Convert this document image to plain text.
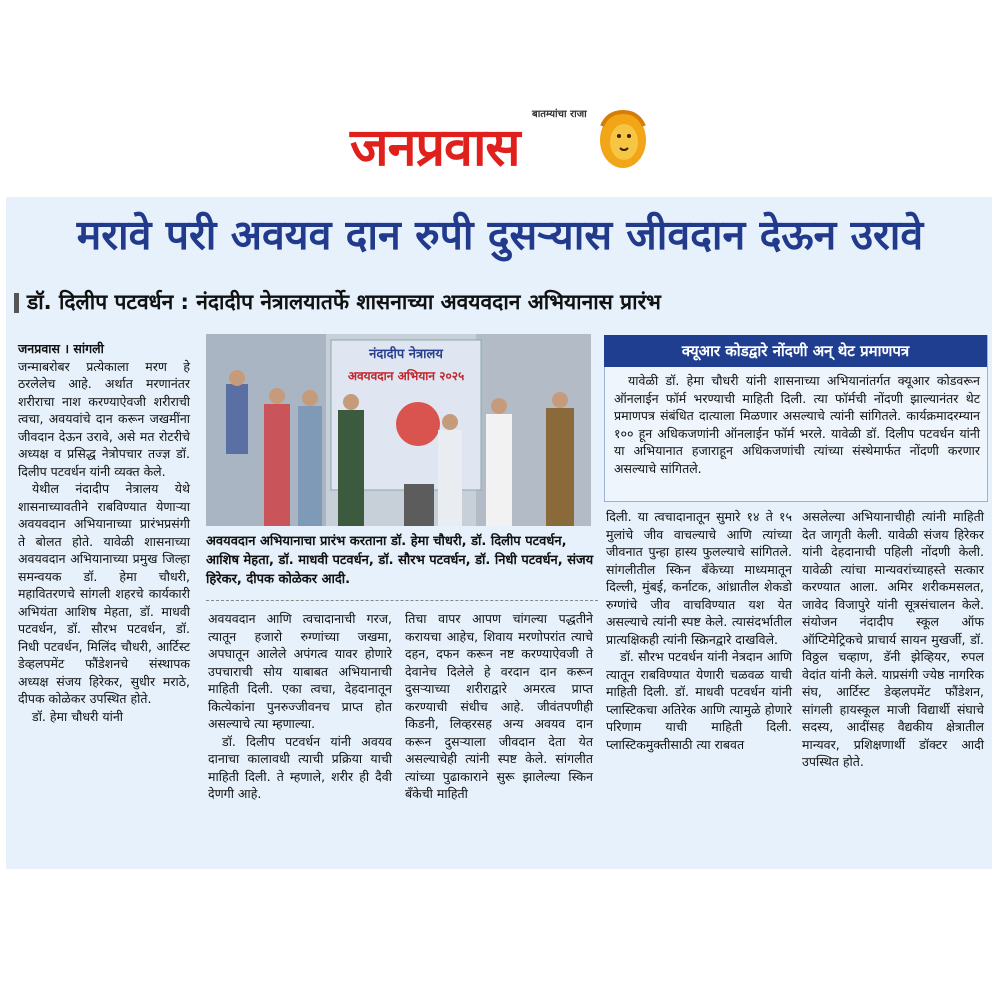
बातम्यांचा राजा
जनप्रवास
मरावे परी अवयव दान रुपी दुसऱ्यास जीवदान देऊन उरावे
डॉ. दिलीप पटवर्धन : नंदादीप नेत्रालयातर्फे शासनाच्या अवयवदान अभियानास प्रारंभ

जनप्रवास । सांगली

जन्माबरोबर प्रत्येकाला मरण हे ठरलेलेच आहे. अर्थात मरणानंतर शरीराचा नाश करण्याऐवजी शरीराची त्वचा, अवयवांचे दान करून जखमींना जीवदान देऊन उरावे, असे मत रोटरीचे अध्यक्ष व प्रसिद्ध नेत्रोपचार तज्ज्ञ डॉ. दिलीप पटवर्धन यांनी व्यक्त केले.

येथील नंदादीप नेत्रालय येथे शासनाच्यावतीने राबविण्यात येणाऱ्या अवयवदान अभियानाच्या प्रारंभप्रसंगी ते बोलत होते. यावेळी शासनाच्या अवयवदान अभियानाच्या प्रमुख जिल्हा समन्वयक डॉ. हेमा चौधरी, महावितरणचे सांगली शहरचे कार्यकारी अभियंता आशिष मेहता, डॉ. माधवी पटवर्धन, डॉ. सौरभ पटवर्धन, डॉ. निधी पटवर्धन, मिलिंद चौधरी, आर्टिस्ट डेव्हलपमेंट फौंडेशनचे संस्थापक अध्यक्ष संजय हिरेकर, सुधीर मराठे, दीपक कोळेकर उपस्थित होते.

डॉ. हेमा चौधरी यांनी

नंदादीप नेत्रालय
अवयवदान अभियान २०२५
अवयवदान अभियानाचा प्रारंभ करताना डॉ. हेमा चौधरी, डॉ. दिलीप पटवर्धन, आशिष मेहता, डॉ. माधवी पटवर्धन, डॉ. सौरभ पटवर्धन, डॉ. निधी पटवर्धन, संजय हिरेकर, दीपक कोळेकर आदी.

अवयवदान आणि त्वचादानाची गरज, त्यातून हजारो रुग्णांच्या जखमा, अपघातून आलेले अपंगत्व यावर होणारे उपचाराची सोय याबाबत अभियानाची माहिती दिली. एका त्वचा, देहदानातून कित्येकांना पुनरुज्जीवनच प्राप्त होत असल्याचे त्या म्हणाल्या.

डॉ. दिलीप पटवर्धन यांनी अवयव दानाचा कालावधी त्याची प्रक्रिया याची माहिती दिली. ते म्हणाले, शरीर ही दैवी देणगी आहे.

तिचा वापर आपण चांगल्या पद्धतीने करायचा आहेच, शिवाय मरणोपरांत त्याचे दहन, दफन करून नष्ट करण्याऐवजी ते देवानेच दिलेले हे वरदान दान करून दुसऱ्याच्या शरीराद्वारे अमरत्व प्राप्त करण्याची संधीच आहे. जीवंतपणीही किडनी, लिव्हरसह अन्य अवयव दान करून दुसऱ्याला जीवदान देता येत असल्याचेही त्यांनी स्पष्ट केले. सांगलीत त्यांच्या पुढाकाराने सुरू झालेल्या स्किन बँकेची माहिती

क्यूआर कोडद्वारे नोंदणी अन् थेट प्रमाणपत्र

यावेळी डॉ. हेमा चौधरी यांनी शासनाच्या अभियानांतर्गत क्यूआर कोडवरून ऑनलाईन फॉर्म भरण्याची माहिती दिली. त्या फॉर्मची नोंदणी झाल्यानंतर थेट प्रमाणपत्र संबंधित दात्याला मिळणार असल्याचे त्यांनी सांगितले. कार्यक्रमादरम्यान १०० हून अधिकजणांनी ऑनलाईन फॉर्म भरले. यावेळी डॉ. दिलीप पटवर्धन यांनी या अभियानात हजाराहून अधिकजणांची त्यांच्या संस्थेमार्फत नोंदणी करणार असल्याचे सांगितले.

दिली. या त्वचादानातून सुमारे १४ ते १५ मुलांचे जीव वाचल्याचे आणि त्यांच्या जीवनात पुन्हा हास्य फुलल्याचे सांगितले. सांगलीतील स्किन बँकेच्या माध्यमातून दिल्ली, मुंबई, कर्नाटक, आंध्रातील शेकडो रुग्णांचे जीव वाचविण्यात यश येत असल्याचे त्यांनी स्पष्ट केले. त्यासंदर्भातील प्रात्यक्षिकही त्यांनी स्क्रिनद्वारे दाखविले.

डॉ. सौरभ पटवर्धन यांनी नेत्रदान आणि त्यातून राबविण्यात येणारी चळवळ याची माहिती दिली. डॉ. माधवी पटवर्धन यांनी प्लास्टिकचा अतिरेक आणि त्यामुळे होणारे परिणाम याची माहिती दिली. प्लास्टिकमुक्तीसाठी त्या राबवत

असलेल्या अभियानाचीही त्यांनी माहिती देत जागृती केली. यावेळी संजय हिरेकर यांनी देहदानाची पहिली नोंदणी केली. यावेळी त्यांचा मान्यवरांच्याहस्ते सत्कार करण्यात आला. अमिर शरीकमसलत, जावेद विजापुरे यांनी सूत्रसंचालन केले. संयोजन नंदादीप स्कूल ऑफ ऑप्टिमेट्रिकचे प्राचार्य सायन मुखर्जी, डॉ. विठ्ठल चव्हाण, डॅनी झेव्हियर, रुपल वेदांत यांनी केले. याप्रसंगी ज्येष्ठ नागरिक संघ, आर्टिस्ट डेव्हलपमेंट फौंडेशन, सांगली हायस्कूल माजी विद्यार्थी संघाचे सदस्य, आदींसह वैद्यकीय क्षेत्रातील मान्यवर, प्रशिक्षणार्थी डॉक्टर आदी उपस्थित होते.
